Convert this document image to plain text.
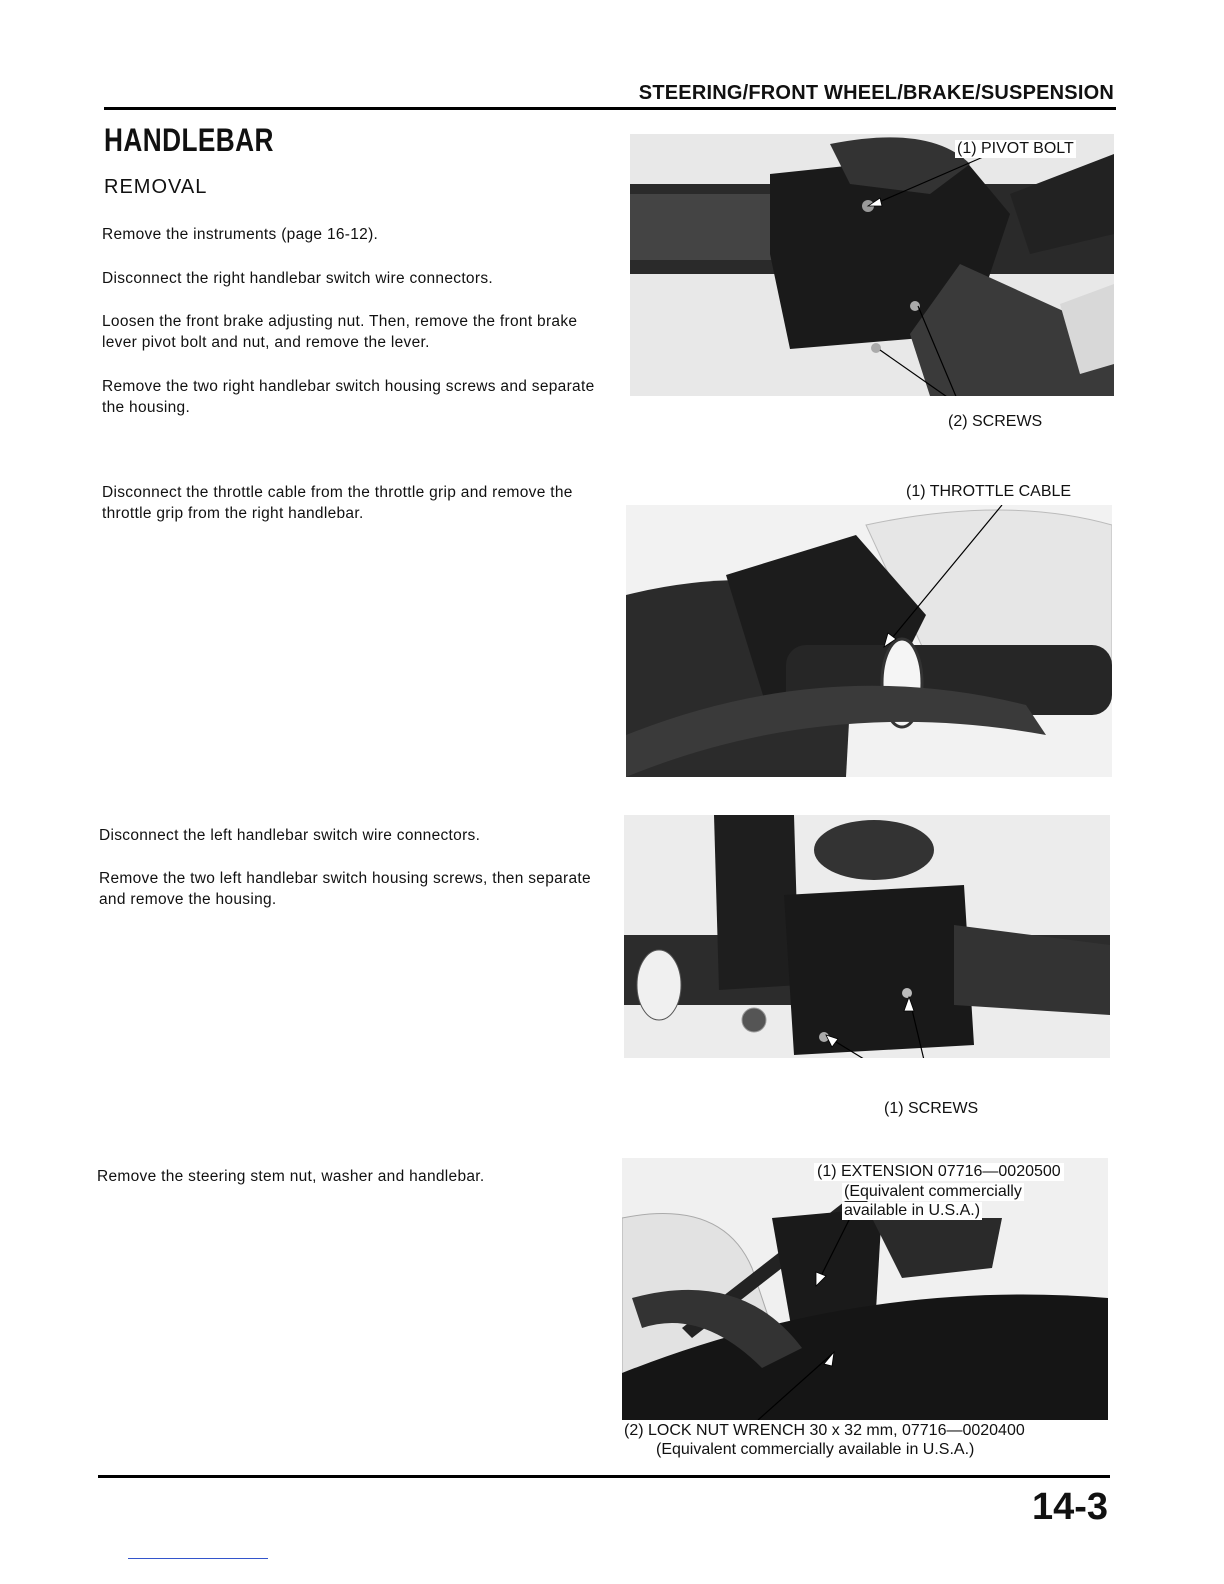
STEERING/FRONT WHEEL/BRAKE/SUSPENSION
HANDLEBAR
REMOVAL
Remove the instruments (page 16-12).
Disconnect the right handlebar switch wire connectors.
Loosen the front brake adjusting nut. Then, remove the front brake lever pivot bolt and nut, and remove the lever.
Remove the two right handlebar switch housing screws and separate the housing.
Disconnect the throttle cable from the throttle grip and remove the throttle grip from the right handlebar.
Disconnect the left handlebar switch wire connectors.
Remove the two left handlebar switch housing screws, then separate and remove the housing.
Remove the steering stem nut, washer and handlebar.
(1) PIVOT BOLT
(2) SCREWS
(1) THROTTLE CABLE
(1) SCREWS
(1) EXTENSION 07716—0020500
(Equivalent commercially
available in U.S.A.)
(2) LOCK NUT WRENCH 30 x 32 mm, 07716—0020400
(Equivalent commercially available in U.S.A.)
14-3
